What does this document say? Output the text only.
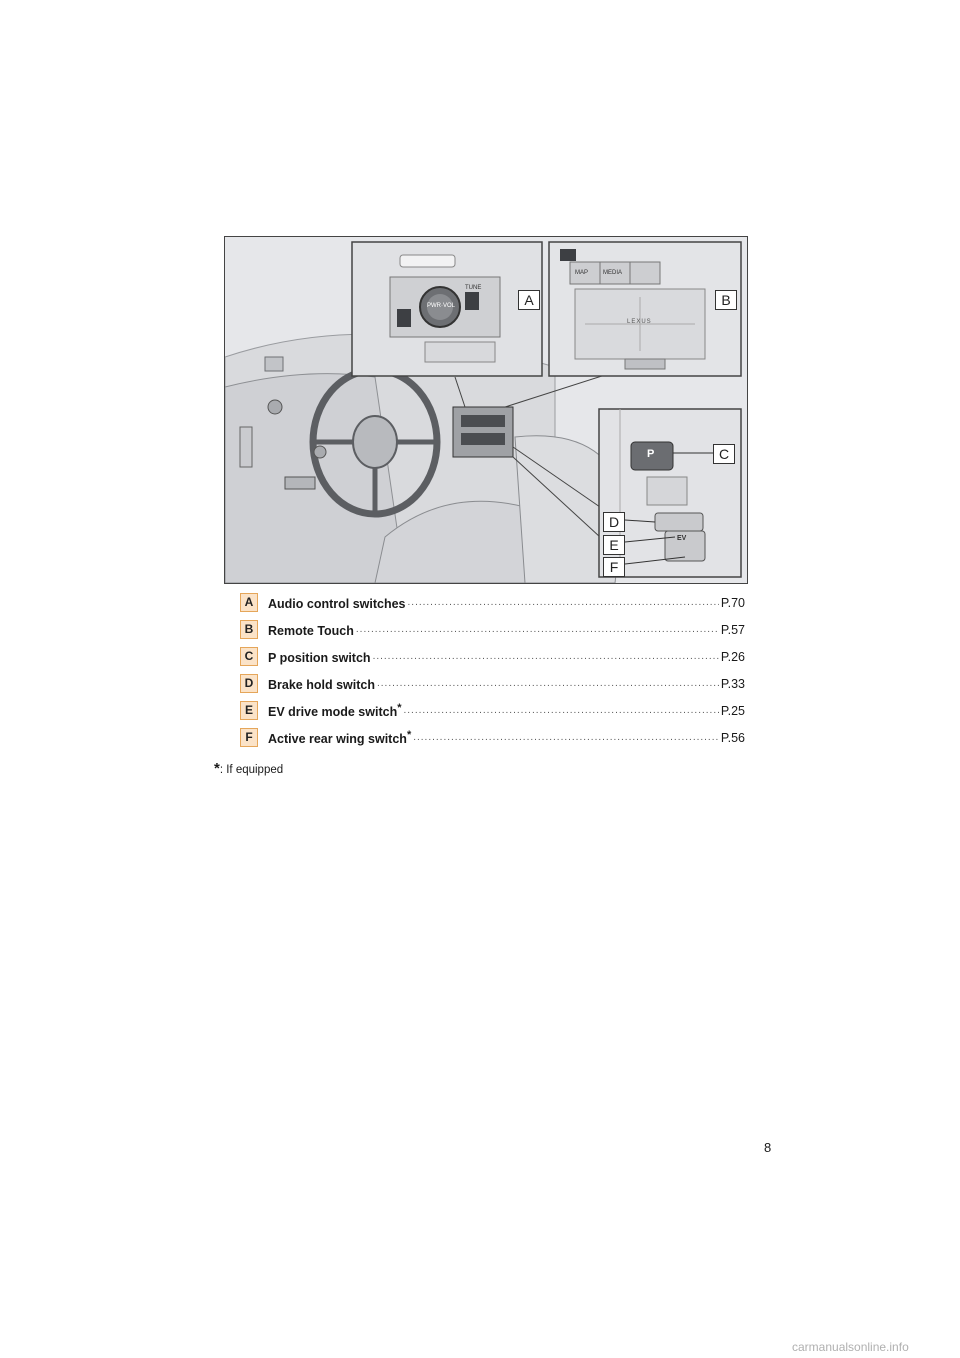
PWR·VOL
TUNE
MAP MEDIA
LEXUS
P
EV
A	B
C
D
E
F
A	Audio control switches .....	P.70
B	Remote Touch .....	P.57
C	P position switch .....	P.26
D	Brake hold switch .....	P.33
E	EV drive mode switch* .....	P.25
F	Active rear wing switch* .....	P.56
*: If equipped
8
carmanualsonline.info
